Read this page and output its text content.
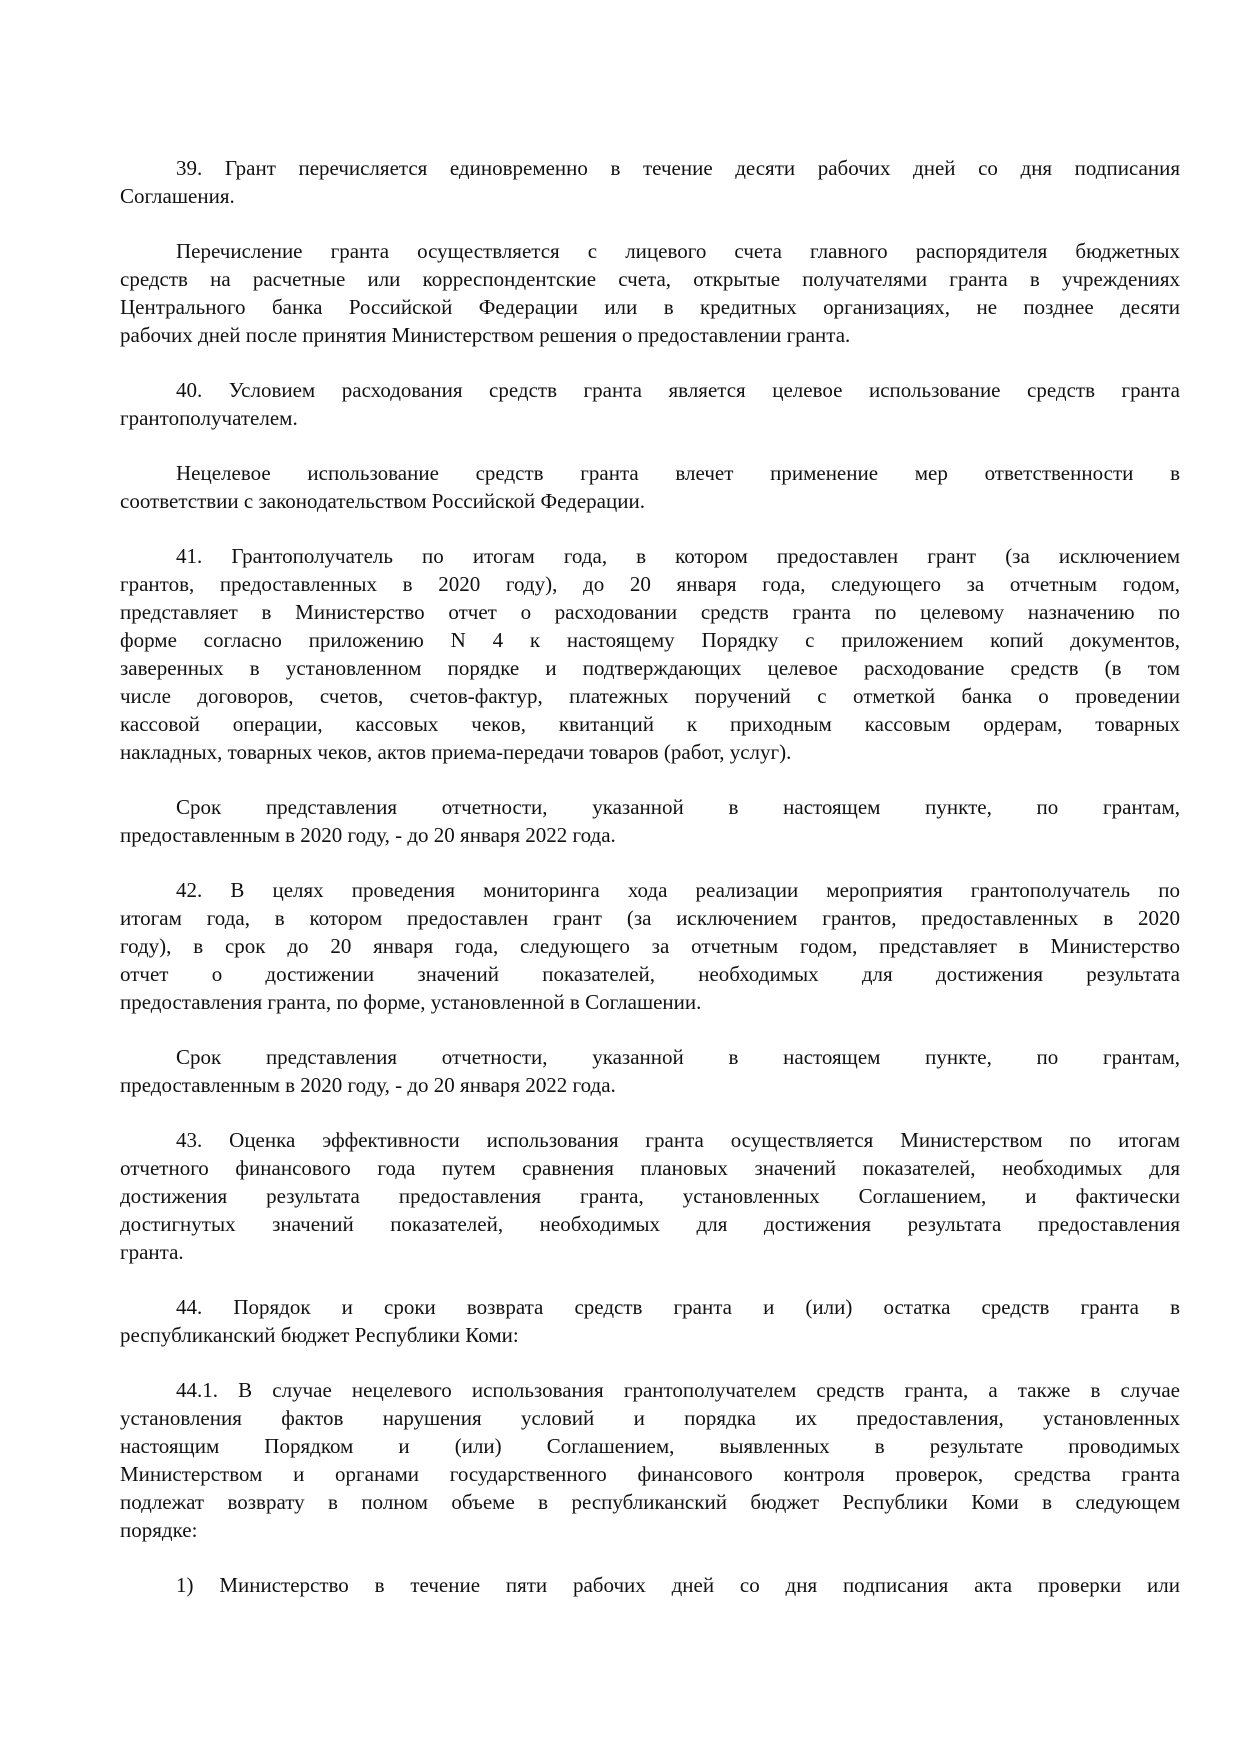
39. Грант перечисляется единовременно в течение десяти рабочих дней со дня подписания
Соглашения.
Перечисление гранта осуществляется с лицевого счета главного распорядителя бюджетных
средств на расчетные или корреспондентские счета, открытые получателями гранта в учреждениях
Центрального банка Российской Федерации или в кредитных организациях, не позднее десяти
рабочих дней после принятия Министерством решения о предоставлении гранта.
40. Условием расходования средств гранта является целевое использование средств гранта
грантополучателем.
Нецелевое использование средств гранта влечет применение мер ответственности в
соответствии с законодательством Российской Федерации.
41. Грантополучатель по итогам года, в котором предоставлен грант (за исключением
грантов, предоставленных в 2020 году), до 20 января года, следующего за отчетным годом,
представляет в Министерство отчет о расходовании средств гранта по целевому назначению по
форме согласно приложению N 4 к настоящему Порядку с приложением копий документов,
заверенных в установленном порядке и подтверждающих целевое расходование средств (в том
числе договоров, счетов, счетов-фактур, платежных поручений с отметкой банка о проведении
кассовой операции, кассовых чеков, квитанций к приходным кассовым ордерам, товарных
накладных, товарных чеков, актов приема-передачи товаров (работ, услуг).
Срок представления отчетности, указанной в настоящем пункте, по грантам,
предоставленным в 2020 году, - до 20 января 2022 года.
42. В целях проведения мониторинга хода реализации мероприятия грантополучатель по
итогам года, в котором предоставлен грант (за исключением грантов, предоставленных в 2020
году), в срок до 20 января года, следующего за отчетным годом, представляет в Министерство
отчет о достижении значений показателей, необходимых для достижения результата
предоставления гранта, по форме, установленной в Соглашении.
Срок представления отчетности, указанной в настоящем пункте, по грантам,
предоставленным в 2020 году, - до 20 января 2022 года.
43. Оценка эффективности использования гранта осуществляется Министерством по итогам
отчетного финансового года путем сравнения плановых значений показателей, необходимых для
достижения результата предоставления гранта, установленных Соглашением, и фактически
достигнутых значений показателей, необходимых для достижения результата предоставления
гранта.
44. Порядок и сроки возврата средств гранта и (или) остатка средств гранта в
республиканский бюджет Республики Коми:
44.1. В случае нецелевого использования грантополучателем средств гранта, а также в случае
установления фактов нарушения условий и порядка их предоставления, установленных
настоящим Порядком и (или) Соглашением, выявленных в результате проводимых
Министерством и органами государственного финансового контроля проверок, средства гранта
подлежат возврату в полном объеме в республиканский бюджет Республики Коми в следующем
порядке:
1) Министерство в течение пяти рабочих дней со дня подписания акта проверки или
